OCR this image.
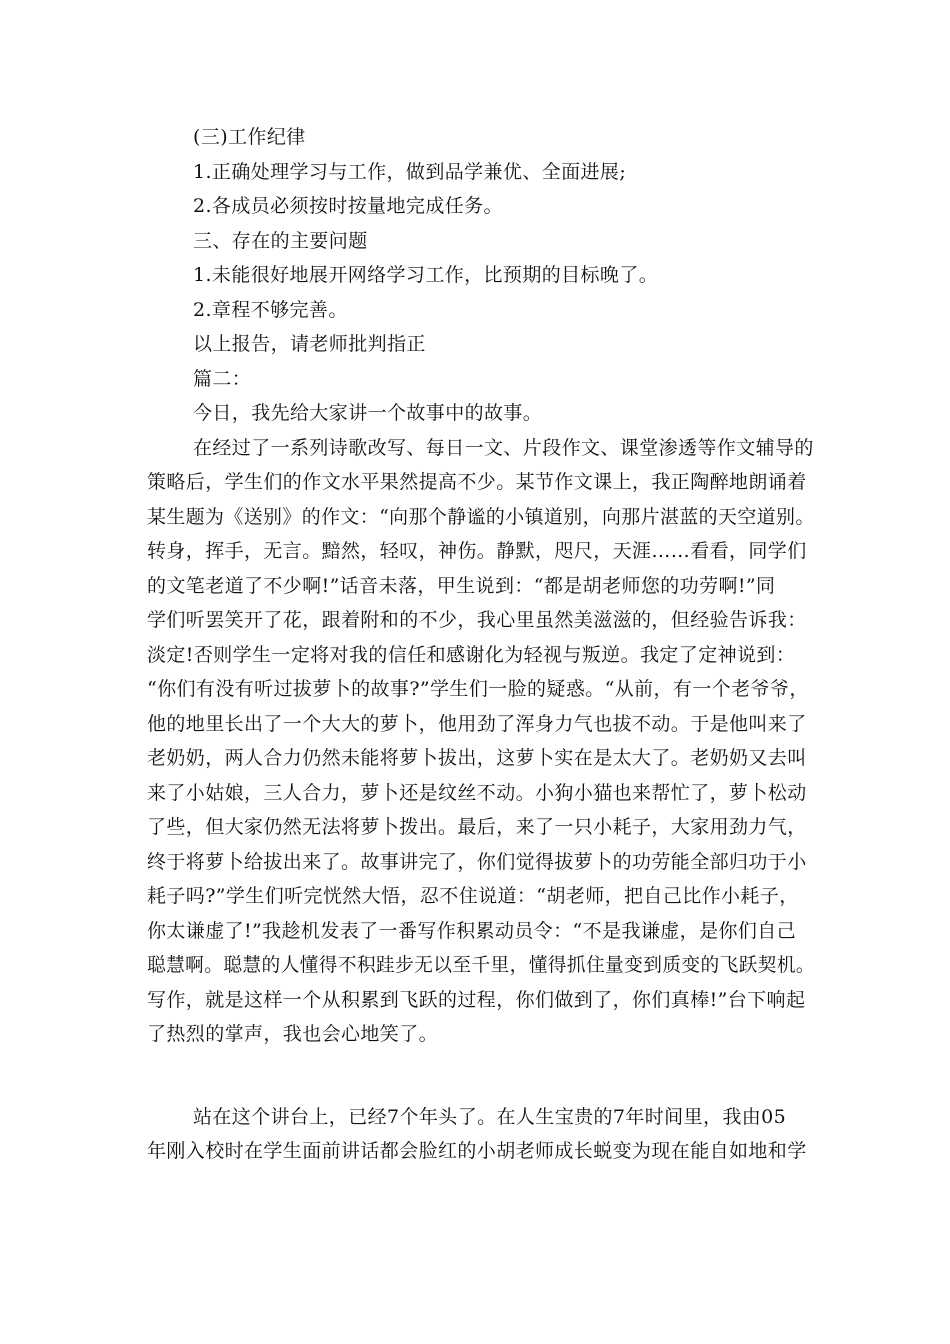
(三)工作纪律
1.正确处理学习与工作，做到品学兼优、全面进展;
2.各成员必须按时按量地完成任务。
三、存在的主要问题
1.未能很好地展开网络学习工作，比预期的目标晚了。
2.章程不够完善。
以上报告，请老师批判指正
篇二：
今日，我先给大家讲一个故事中的故事。
在经过了一系列诗歌改写、每日一文、片段作文、课堂渗透等作文辅导的
策略后，学生们的作文水平果然提高不少。某节作文课上，我正陶醉地朗诵着
某生题为《送别》的作文：“向那个静谧的小镇道别，向那片湛蓝的天空道别。
转身，挥手，无言。黯然，轻叹，神伤。静默，咫尺，天涯……看看，同学们
的文笔老道了不少啊!”话音未落，甲生说到：“都是胡老师您的功劳啊!”同
学们听罢笑开了花，跟着附和的不少，我心里虽然美滋滋的，但经验告诉我：
淡定!否则学生一定将对我的信任和感谢化为轻视与叛逆。我定了定神说到：
“你们有没有听过拔萝卜的故事?”学生们一脸的疑惑。“从前，有一个老爷爷，
他的地里长出了一个大大的萝卜，他用劲了浑身力气也拔不动。于是他叫来了
老奶奶，两人合力仍然未能将萝卜拔出，这萝卜实在是太大了。老奶奶又去叫
来了小姑娘，三人合力，萝卜还是纹丝不动。小狗小猫也来帮忙了，萝卜松动
了些，但大家仍然无法将萝卜拨出。最后，来了一只小耗子，大家用劲力气，
终于将萝卜给拔出来了。故事讲完了，你们觉得拔萝卜的功劳能全部归功于小
耗子吗?”学生们听完恍然大悟，忍不住说道：“胡老师，把自己比作小耗子，
你太谦虚了!”我趁机发表了一番写作积累动员令：“不是我谦虚，是你们自己
聪慧啊。聪慧的人懂得不积跬步无以至千里，懂得抓住量变到质变的飞跃契机。
写作，就是这样一个从积累到飞跃的过程，你们做到了，你们真棒!”台下响起
了热烈的掌声，我也会心地笑了。
站在这个讲台上，已经7个年头了。在人生宝贵的7年时间里，我由05
年刚入校时在学生面前讲话都会脸红的小胡老师成长蜕变为现在能自如地和学
